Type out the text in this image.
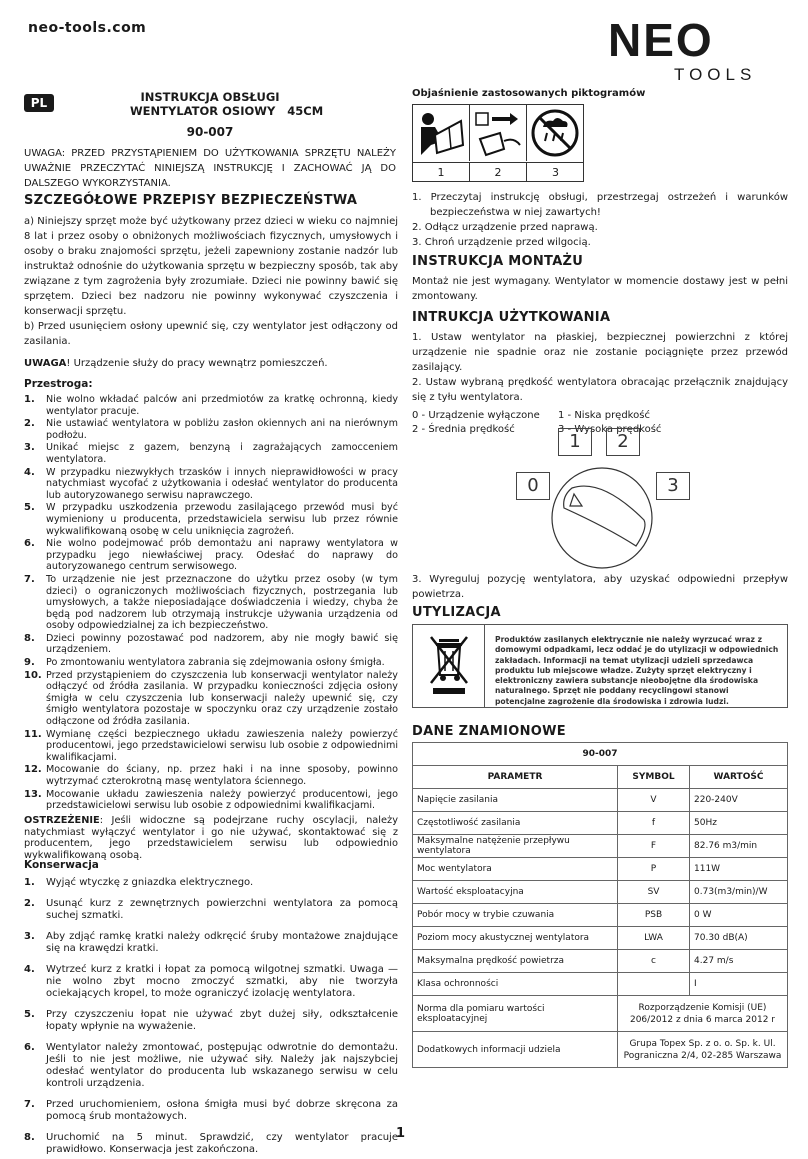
neo-tools.com	NEO
TOOLS
PL	INSTRUKCJA OBSŁUGI
WENTYLATOR OSIOWY   45CM
90-007
UWAGA: PRZED PRZYSTĄPIENIEM DO UŻYTKOWANIA SPRZĘTU NALEŻY UWAŻNIE PRZECZYTAĆ NINIEJSZĄ INSTRUKCJĘ I ZACHOWAĆ JĄ DO DALSZEGO WYKORZYSTANIA.
SZCZEGÓŁOWE PRZEPISY BEZPIECZEŃSTWA
a) Niniejszy sprzęt może być użytkowany przez dzieci w wieku co najmniej 8 lat i przez osoby o obniżonych możliwościach fizycznych, umysłowych i osoby o braku znajomości sprzętu, jeżeli zapewniony zostanie nadzór lub instruktaż odnośnie do użytkowania sprzętu w bezpieczny sposób, tak aby związane z tym zagrożenia były zrozumiałe. Dzieci nie powinny bawić się sprzętem. Dzieci bez nadzoru nie powinny wykonywać czyszczenia i konserwacji sprzętu.
b) Przed usunięciem osłony upewnić się, czy wentylator jest odłączony od zasilania.
UWAGA! Urządzenie służy do pracy wewnątrz pomieszczeń.
Przestroga:
1. Nie wolno wkładać palców ani przedmiotów za kratkę ochronną, kiedy wentylator pracuje.
2. Nie ustawiać wentylatora w pobliżu zasłon okiennych ani na nierównym podłożu.
3. Unikać miejsc z gazem, benzyną i zagrażających zamocceniem wentylatora.
4. W przypadku niezwykłych trzasków i innych nieprawidłowości w pracy natychmiast wycofać z użytkowania i odesłać wentylator do producenta lub autoryzowanego serwisu naprawczego.
5. W przypadku uszkodzenia przewodu zasilającego przewód musi być wymieniony u producenta, przedstawiciela serwisu lub przez równie wykwalifikowaną osobę w celu uniknięcia zagrożeń.
6. Nie wolno podejmować prób demontażu ani naprawy wentylatora w przypadku jego niewłaściwej pracy. Odesłać do naprawy do autoryzowanego centrum serwisowego.
7. To urządzenie nie jest przeznaczone do użytku przez osoby (w tym dzieci) o ograniczonych możliwościach fizycznych, postrzegania lub umysłowych, a także nieposiadające doświadczenia i wiedzy, chyba że będą pod nadzorem lub otrzymają instrukcje używania urządzenia od osoby odpowiedzialnej za ich bezpieczeństwo.
8. Dzieci powinny pozostawać pod nadzorem, aby nie mogły bawić się urządzeniem.
9. Po zmontowaniu wentylatora zabrania się zdejmowania osłony śmigła.
10. Przed przystąpieniem do czyszczenia lub konserwacji wentylator należy odłączyć od źródła zasilania. W przypadku konieczności zdjęcia osłony śmigła w celu czyszczenia lub konserwacji należy upewnić się, czy śmigło wentylatora pozostaje w spoczynku oraz czy urządzenie zostało odłączone od źródła zasilania.
11. Wymianę części bezpiecznego układu zawieszenia należy powierzyć producentowi, jego przedstawicielowi serwisu lub osobie z odpowiednimi kwalifikacjami.
12. Mocowanie do ściany, np. przez haki i na inne sposoby, powinno wytrzymać czterokrotną masę wentylatora ściennego.
13. Mocowanie układu zawieszenia należy powierzyć producentowi, jego przedstawicielowi serwisu lub osobie z odpowiednimi kwalifikacjami.
OSTRZEŻENIE: Jeśli widoczne są podejrzane ruchy oscylacji, należy natychmiast wyłączyć wentylator i go nie używać, skontaktować się z producentem, jego przedstawicielem serwisu lub odpowiednio wykwalifikowaną osobą.
Konserwacja
1. Wyjąć wtyczkę z gniazdka elektrycznego.
2. Usunąć kurz z zewnętrznych powierzchni wentylatora za pomocą suchej szmatki.
3. Aby zdjąć ramkę kratki należy odkręcić śruby montażowe znajdujące się na krawędzi kratki.
4. Wytrzeć kurz z kratki i łopat za pomocą wilgotnej szmatki. Uwaga — nie wolno zbyt mocno zmoczyć szmatki, aby nie tworzyła ociekających kropel, to może ograniczyć izolację wentylatora.
5. Przy czyszczeniu łopat nie używać zbyt dużej siły, odkształcenie łopaty wpłynie na wyważenie.
6. Wentylator należy zmontować, postępując odwrotnie do demontażu. Jeśli to nie jest możliwe, nie używać siły. Należy jak najszybciej odesłać wentylator do producenta lub wskazanego serwisu w celu kontroli urządzenia.
7. Przed uruchomieniem, osłona śmigła musi być dobrze skręcona za pomocą śrub montażowych.
8. Uruchomić na 5 minut. Sprawdzić, czy wentylator pracuje prawidłowo. Konserwacja jest zakończona.
Objaśnienie zastosowanych piktogramów
1	2	3
1. Przeczytaj instrukcję obsługi, przestrzegaj ostrzeżeń i warunków bezpieczeństwa w niej zawartych!
2. Odłącz urządzenie przed naprawą.
3. Chroń urządzenie przed wilgocią.
INSTRUKCJA MONTAŻU
Montaż nie jest wymagany. Wentylator w momencie dostawy jest w pełni zmontowany.
INTRUKCJA UŻYTKOWANIA
1. Ustaw wentylator na płaskiej, bezpiecznej powierzchni z której urządzenie nie spadnie oraz nie zostanie pociągnięte przez przewód zasilający.
2. Ustaw wybraną prędkość wentylatora obracając przełącznik znajdujący się z tyłu wentylatora.
0 - Urządzenie wyłączone 1 - Niska prędkość
2 - Średnia prędkość	3 - Wysoka prędkość
1	2
0	3
3. Wyreguluj pozycję wentylatora, aby uzyskać odpowiedni przepływ powietrza.
UTYLIZACJA
Produktów zasilanych elektrycznie nie należy wyrzucać wraz z domowymi odpadkami, lecz oddać je do utylizacji w odpowiednich zakładach. Informacji na temat utylizacji udzieli sprzedawca produktu lub miejscowe władze. Zużyty sprzęt elektryczny i elektroniczny zawiera substancje nieobojętne dla środowiska naturalnego. Sprzęt nie poddany recyclingowi stanowi potencjalne zagrożenie dla środowiska i zdrowia ludzi.
DANE ZNAMIONOWE
90-007		
PARAMETR	SYMBOL	WARTOŚĆ
Napięcie zasilania	V	220-240V
Częstotliwość zasilania	f	50Hz
Maksymalne natężenie przepływu wentylatora	F	82.76 m3/min
Moc wentylatora	P	111W
Wartość eksploatacyjna	SV	0.73(m3/min)/W
Pobór mocy w trybie czuwania	PSB	0 W
Poziom mocy akustycznej wentylatora	LWA	70.30 dB(A)
Maksymalna prędkość powietrza	c	4.27 m/s
Klasa ochronności		I
Norma dla pomiaru wartości eksploatacyjnej	Rozporządzenie Komisji (UE) 206/2012 z dnia 6 marca 2012 r	
Dodatkowych informacji udziela	Grupa Topex Sp. z o. o. Sp. k. Ul. Pograniczna 2/4, 02-285 Warszawa	
1
